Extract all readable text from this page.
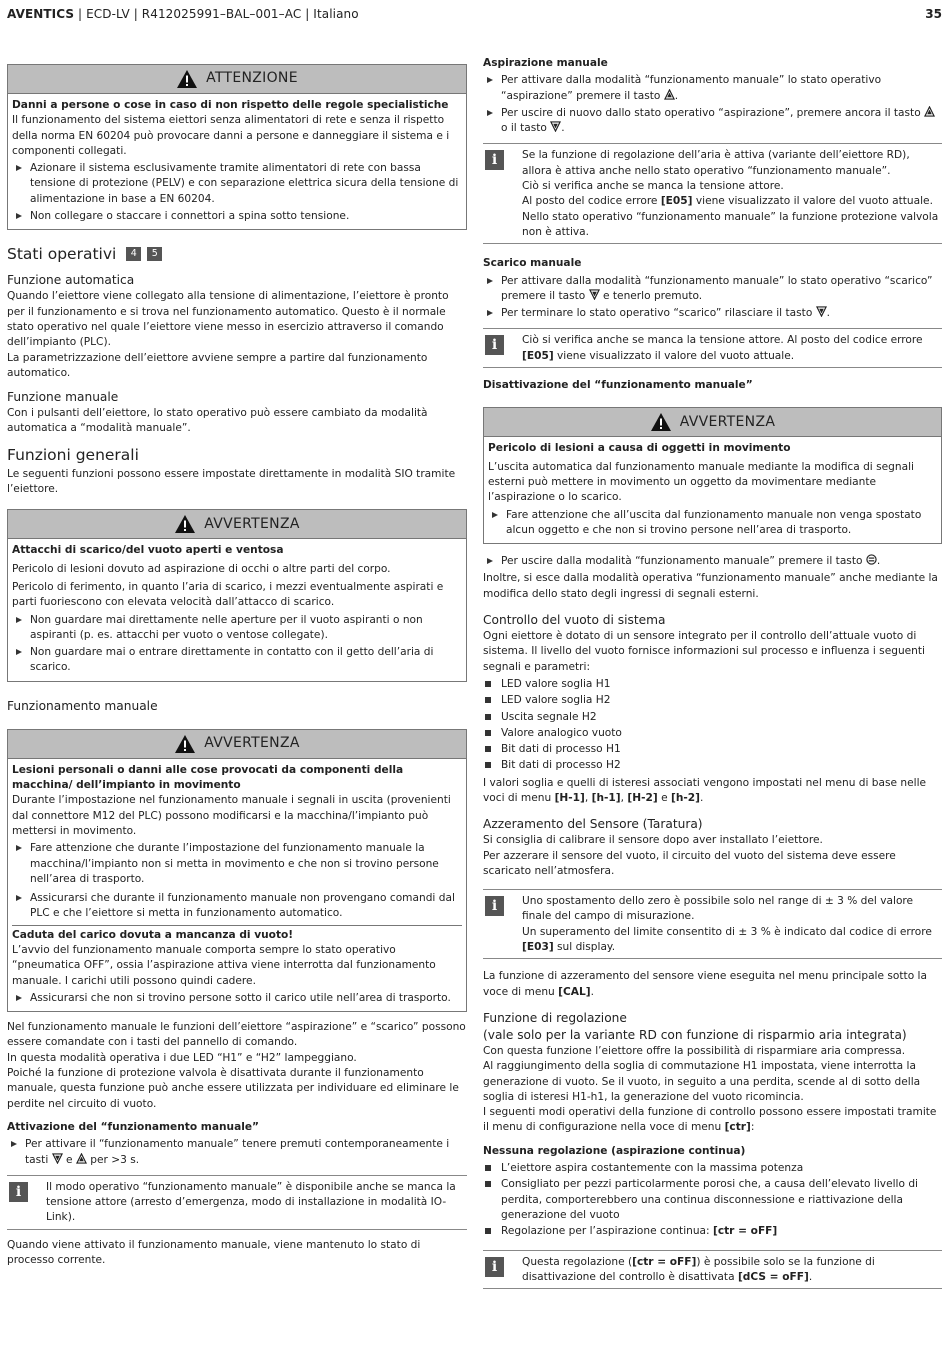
AVENTICS | ECD-LV | R412025991–BAL–001–AC | Italiano	35
ATTENZIONE

Danni a persone o cose in caso di non rispetto delle regole specialistiche

Il funzionamento del sistema eiettori senza alimentatori di rete e senza il rispetto della norma EN 60204 può provocare danni a persone e danneggiare il sistema e i componenti collegati.

Azionare il sistema esclusivamente tramite alimentatori di rete con bassa tensione di protezione (PELV) e con separazione elettrica sicura della tensione di alimentazione in base a EN 60204.
Non collegare o staccare i connettori a spina sotto tensione.
Stati operativi	4	5
Funzione automatica

Quando l’eiettore viene collegato alla tensione di alimentazione, l’eiettore è pronto per il funzionamento e si trova nel funzionamento automatico. Questo è il normale stato operativo nel quale l’eiettore viene messo in esercizio attraverso il comando dell’impianto (PLC).

La parametrizzazione dell’eiettore avviene sempre a partire dal funzionamento automatico.

Funzione manuale

Con i pulsanti dell’eiettore, lo stato operativo può essere cambiato da modalità automatica a “modalità manuale”.

Funzioni generali

Le seguenti funzioni possono essere impostate direttamente in modalità SIO tramite l’eiettore.

AVVERTENZA

Attacchi di scarico/del vuoto aperti e ventosa

Pericolo di lesioni dovuto ad aspirazione di occhi o altre parti del corpo.

Pericolo di ferimento, in quanto l’aria di scarico, i mezzi eventualmente aspirati e parti fuoriescono con elevata velocità dall’attacco di scarico.

Non guardare mai direttamente nelle aperture per il vuoto aspiranti o non aspiranti (p. es. attacchi per vuoto o ventose collegate).
Non guardare mai o entrare direttamente in contatto con il getto dell’aria di scarico.
Funzionamento manuale
AVVERTENZA

Lesioni personali o danni alle cose provocati da componenti della macchina/ dell’impianto in movimento

Durante l’impostazione nel funzionamento manuale i segnali in uscita (provenienti dal connettore M12 del PLC) possono modificarsi e la macchina/l’impianto può mettersi in movimento.

Fare attenzione che durante l’impostazione del funzionamento manuale la macchina/l’impianto non si metta in movimento e che non si trovino persone nell’area di trasporto.
Assicurarsi che durante il funzionamento manuale non provengano comandi dal PLC e che l’eiettore si metta in funzionamento automatico.

Caduta del carico dovuta a mancanza di vuoto!

L’avvio del funzionamento manuale comporta sempre lo stato operativo “pneumatica OFF”, ossia l’aspirazione attiva viene interrotta dal funzionamento manuale. I carichi utili possono quindi cadere.

Assicurarsi che non si trovino persone sotto il carico utile nell’area di trasporto.

Nel funzionamento manuale le funzioni dell’eiettore “aspirazione” e “scarico” possono essere comandate con i tasti del pannello di comando.

In questa modalità operativa i due LED “H1” e “H2” lampeggiano.

Poiché la funzione di protezione valvola è disattivata durante il funzionamento manuale, questa funzione può anche essere utilizzata per individuare ed eliminare le perdite nel circuito di vuoto.

Attivazione del “funzionamento manuale”

Per attivare il “funzionamento manuale” tenere premuti contemporaneamente i tasti  e  per >3 s.
i	Il modo operativo “funzionamento manuale” è disponibile anche se manca la tensione attore (arresto d’emergenza, modo di installazione in modalità IO-Link).

Quando viene attivato il funzionamento manuale, viene mantenuto lo stato di processo corrente.

Aspirazione manuale

Per attivare dalla modalità “funzionamento manuale” lo stato operativo “aspirazione” premere il tasto .
Per uscire di nuovo dallo stato operativo “aspirazione”, premere ancora il tasto  o il tasto .
i	Se la funzione di regolazione dell’aria è attiva (variante dell’eiettore RD), allora è attiva anche nello stato operativo “funzionamento manuale”.

Ciò si verifica anche se manca la tensione attore.

Al posto del codice errore [E05] viene visualizzato il valore del vuoto attuale.

Nello stato operativo “funzionamento manuale” la funzione protezione valvola non è attiva.

Scarico manuale

Per attivare dalla modalità “funzionamento manuale” lo stato operativo “scarico” premere il tasto  e tenerlo premuto.
Per terminare lo stato operativo “scarico” rilasciare il tasto .
i	Ciò si verifica anche se manca la tensione attore. Al posto del codice errore [E05] viene visualizzato il valore del vuoto attuale.

Disattivazione del “funzionamento manuale”

AVVERTENZA

Pericolo di lesioni a causa di oggetti in movimento

L’uscita automatica dal funzionamento manuale mediante la modifica di segnali esterni può mettere in movimento un oggetto da movimentare mediante l’aspirazione o lo scarico.

Fare attenzione che all’uscita dal funzionamento manuale non venga spostato alcun oggetto e che non si trovino persone nell’area di trasporto.
Per uscire dalla modalità “funzionamento manuale” premere il tasto .

Inoltre, si esce dalla modalità operativa “funzionamento manuale” anche mediante la modifica dello stato degli ingressi di segnali esterni.

Controllo del vuoto di sistema

Ogni eiettore è dotato di un sensore integrato per il controllo dell’attuale vuoto di sistema. Il livello del vuoto fornisce informazioni sul processo e influenza i seguenti segnali e parametri:

LED valore soglia H1
LED valore soglia H2
Uscita segnale H2
Valore analogico vuoto
Bit dati di processo H1
Bit dati di processo H2

I valori soglia e quelli di isteresi associati vengono impostati nel menu di base nelle voci di menu [H-1], [h-1], [H-2] e [h-2].

Azzeramento del Sensore (Taratura)

Si consiglia di calibrare il sensore dopo aver installato l’eiettore.

Per azzerare il sensore del vuoto, il circuito del vuoto del sistema deve essere scaricato nell’atmosfera.

i	Uno spostamento dello zero è possibile solo nel range di ± 3 % del valore finale del campo di misurazione.

Un superamento del limite consentito di ± 3 % è indicato dal codice di errore [E03] sul display.

La funzione di azzeramento del sensore viene eseguita nel menu principale sotto la voce di menu [CAL].

Funzione di regolazione
(vale solo per la variante RD con funzione di risparmio aria integrata)

Con questa funzione l’eiettore offre la possibilità di risparmiare aria compressa.

Al raggiungimento della soglia di commutazione H1 impostata, viene interrotta la generazione di vuoto. Se il vuoto, in seguito a una perdita, scende al di sotto della soglia di isteresi H1-h1, la generazione del vuoto ricomincia.

I seguenti modi operativi della funzione di controllo possono essere impostati tramite il menu di configurazione nella voce di menu [ctr]:

Nessuna regolazione (aspirazione continua)

L’eiettore aspira costantemente con la massima potenza
Consigliato per pezzi particolarmente porosi che, a causa dell’elevato livello di perdita, comporterebbero una continua disconnessione e riattivazione della generazione del vuoto
Regolazione per l’aspirazione continua: [ctr = oFF]
i	Questa regolazione ([ctr = oFF]) è possibile solo se la funzione di disattivazione del controllo è disattivata [dCS = oFF].
